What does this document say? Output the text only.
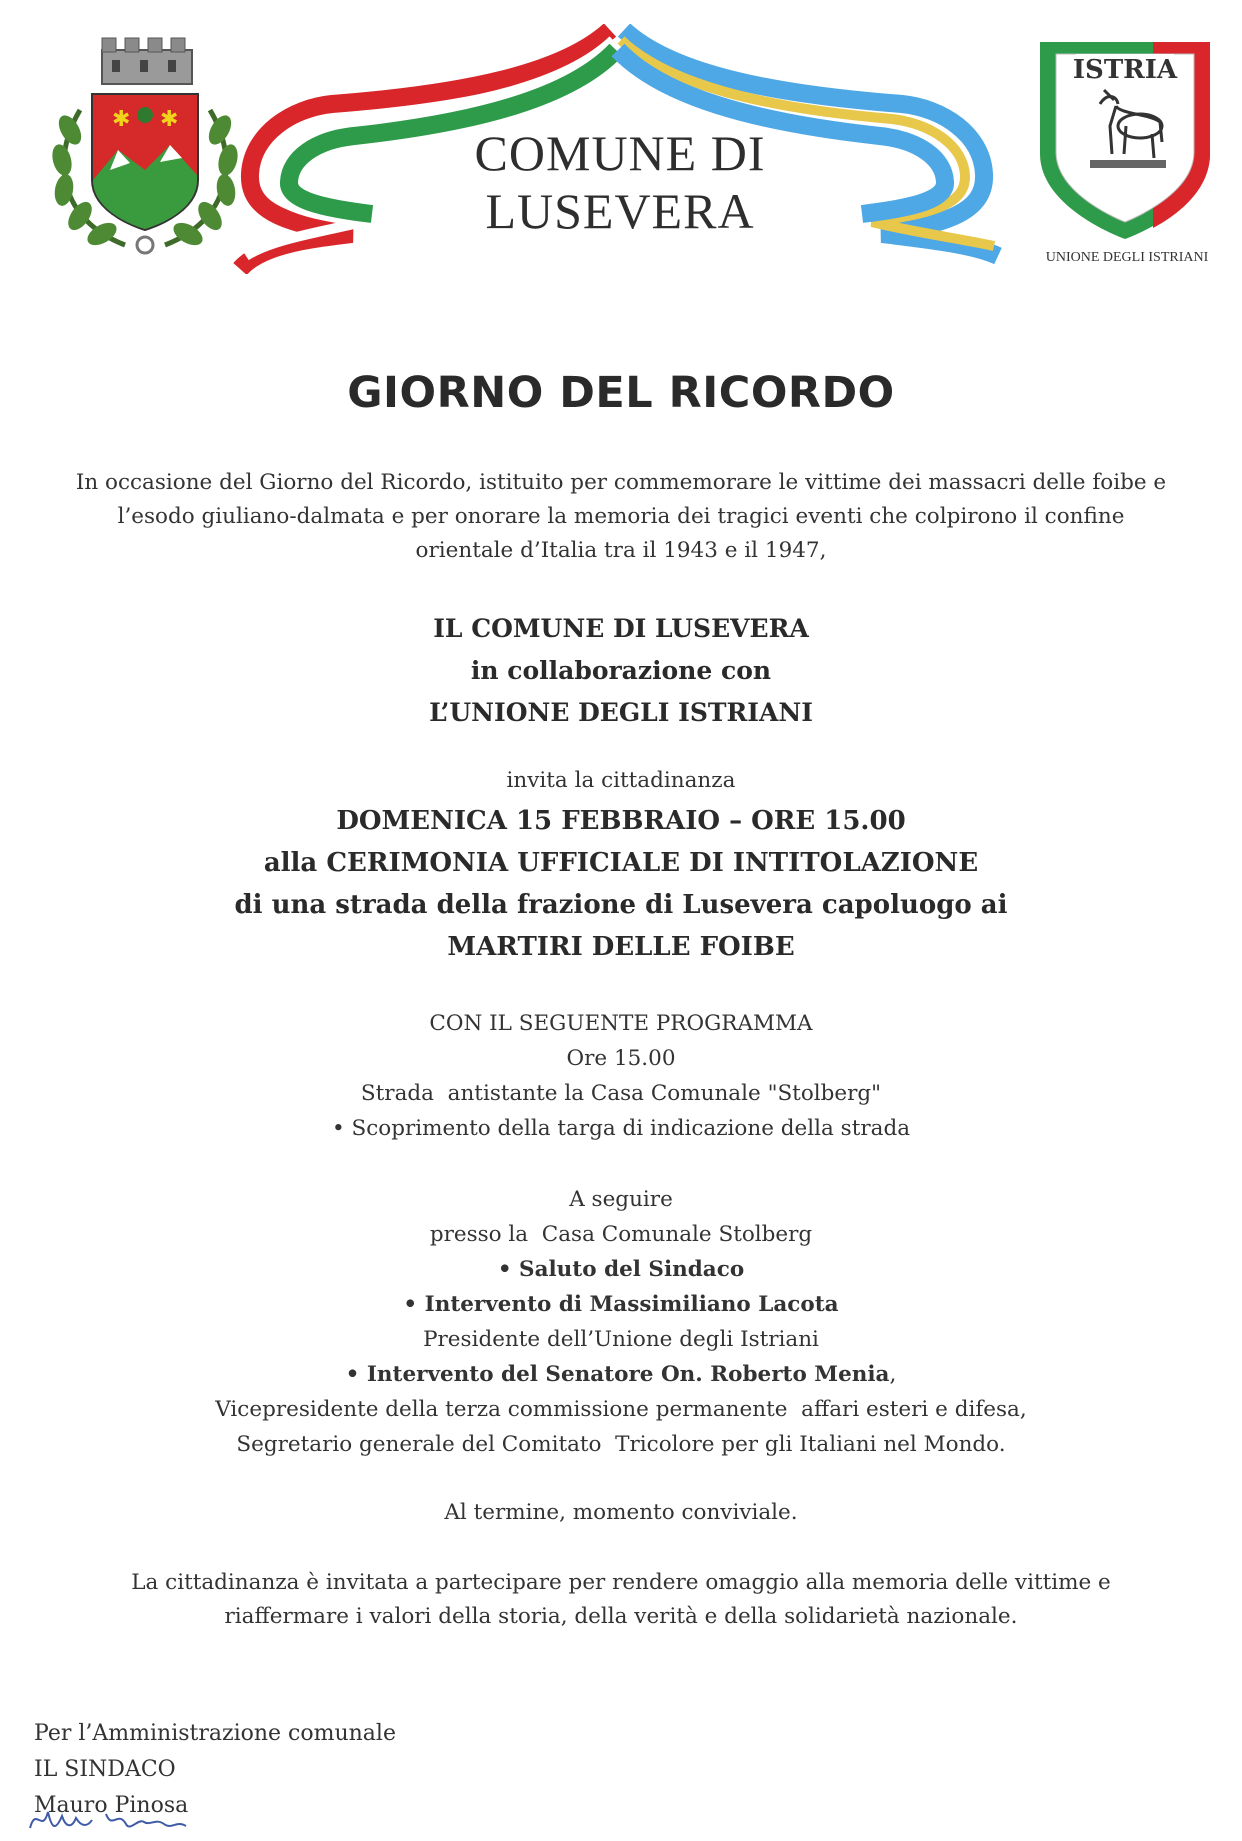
✱ ✱
COMUNE DI
LUSEVERA
ISTRIA
UNIONE DEGLI ISTRIANI
GIORNO DEL RICORDO
In occasione del Giorno del Ricordo, istituito per commemorare le vittime dei massacri delle foibe e
l’esodo giuliano-dalmata e per onorare la memoria dei tragici eventi che colpirono il confine
orientale d’Italia tra il 1943 e il 1947,
IL COMUNE DI LUSEVERA
in collaborazione con
L’UNIONE DEGLI ISTRIANI
invita la cittadinanza
DOMENICA 15 FEBBRAIO – ORE 15.00
alla CERIMONIA UFFICIALE DI INTITOLAZIONE
di una strada della frazione di Lusevera capoluogo ai
MARTIRI DELLE FOIBE
CON IL SEGUENTE PROGRAMMA
Ore 15.00
Strada  antistante la Casa Comunale "Stolberg"
• Scoprimento della targa di indicazione della strada
A seguire
presso la  Casa Comunale Stolberg
• Saluto del Sindaco
• Intervento di Massimiliano Lacota
Presidente dell’Unione degli Istriani
• Intervento del Senatore On. Roberto Menia,
Vicepresidente della terza commissione permanente  affari esteri e difesa,
Segretario generale del Comitato  Tricolore per gli Italiani nel Mondo.
Al termine, momento conviviale.
La cittadinanza è invitata a partecipare per rendere omaggio alla memoria delle vittime e
riaffermare i valori della storia, della verità e della solidarietà nazionale.
Per l’Amministrazione comunale
IL SINDACO
Mauro Pinosa
